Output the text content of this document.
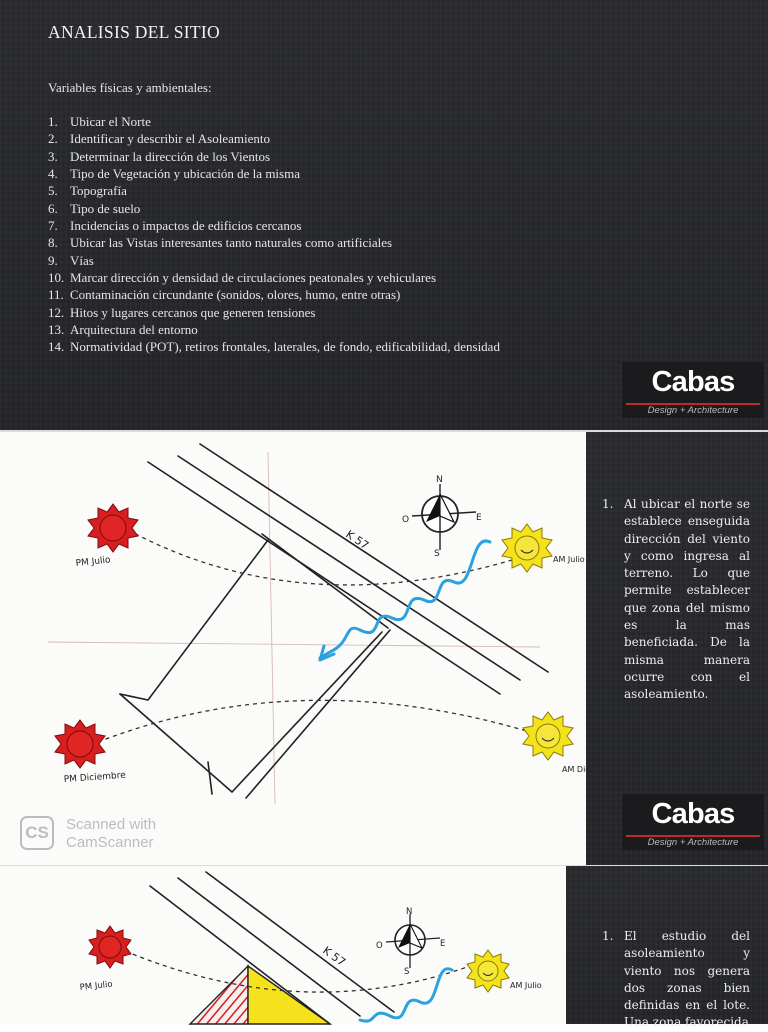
ANALISIS DEL SITIO
Variables físicas y ambientales:
1. Ubicar el Norte
2. Identificar y describir el Asoleamiento
3. Determinar la dirección de los Vientos
4. Tipo de Vegetación y ubicación de la misma
5. Topografía
6. Tipo de suelo
7. Incidencias o impactos de edificios cercanos
8. Ubicar las Vistas interesantes tanto naturales como artificiales
9. Vías
10. Marcar dirección y densidad de circulaciones peatonales y vehiculares
11. Contaminación circundante (sonidos, olores, humo, entre otras)
12. Hitos y lugares cercanos que generen tensiones
13. Arquitectura del entorno
14. Normatividad (POT), retiros frontales, laterales, de fondo, edificabilidad, densidad
Cabas
Design + Architecture
PM Julio	AM Julio
PM Diciembre
AM Dici
K 57
N
S
E
O
CS	Scanned with
CamScanner
1. Al ubicar el norte se establece enseguida dirección del viento y como ingresa al terreno. Lo que permite establecer que zona del mismo es la mas beneficiada. De la misma manera ocurre con el asoleamiento.

Cabas
Design + Architecture
PM Julio	AM Julio
K 57
N
S
E
O
1. El estudio del asoleamiento y viento nos genera dos zonas bien definidas en el lote. Una zona favorecida
